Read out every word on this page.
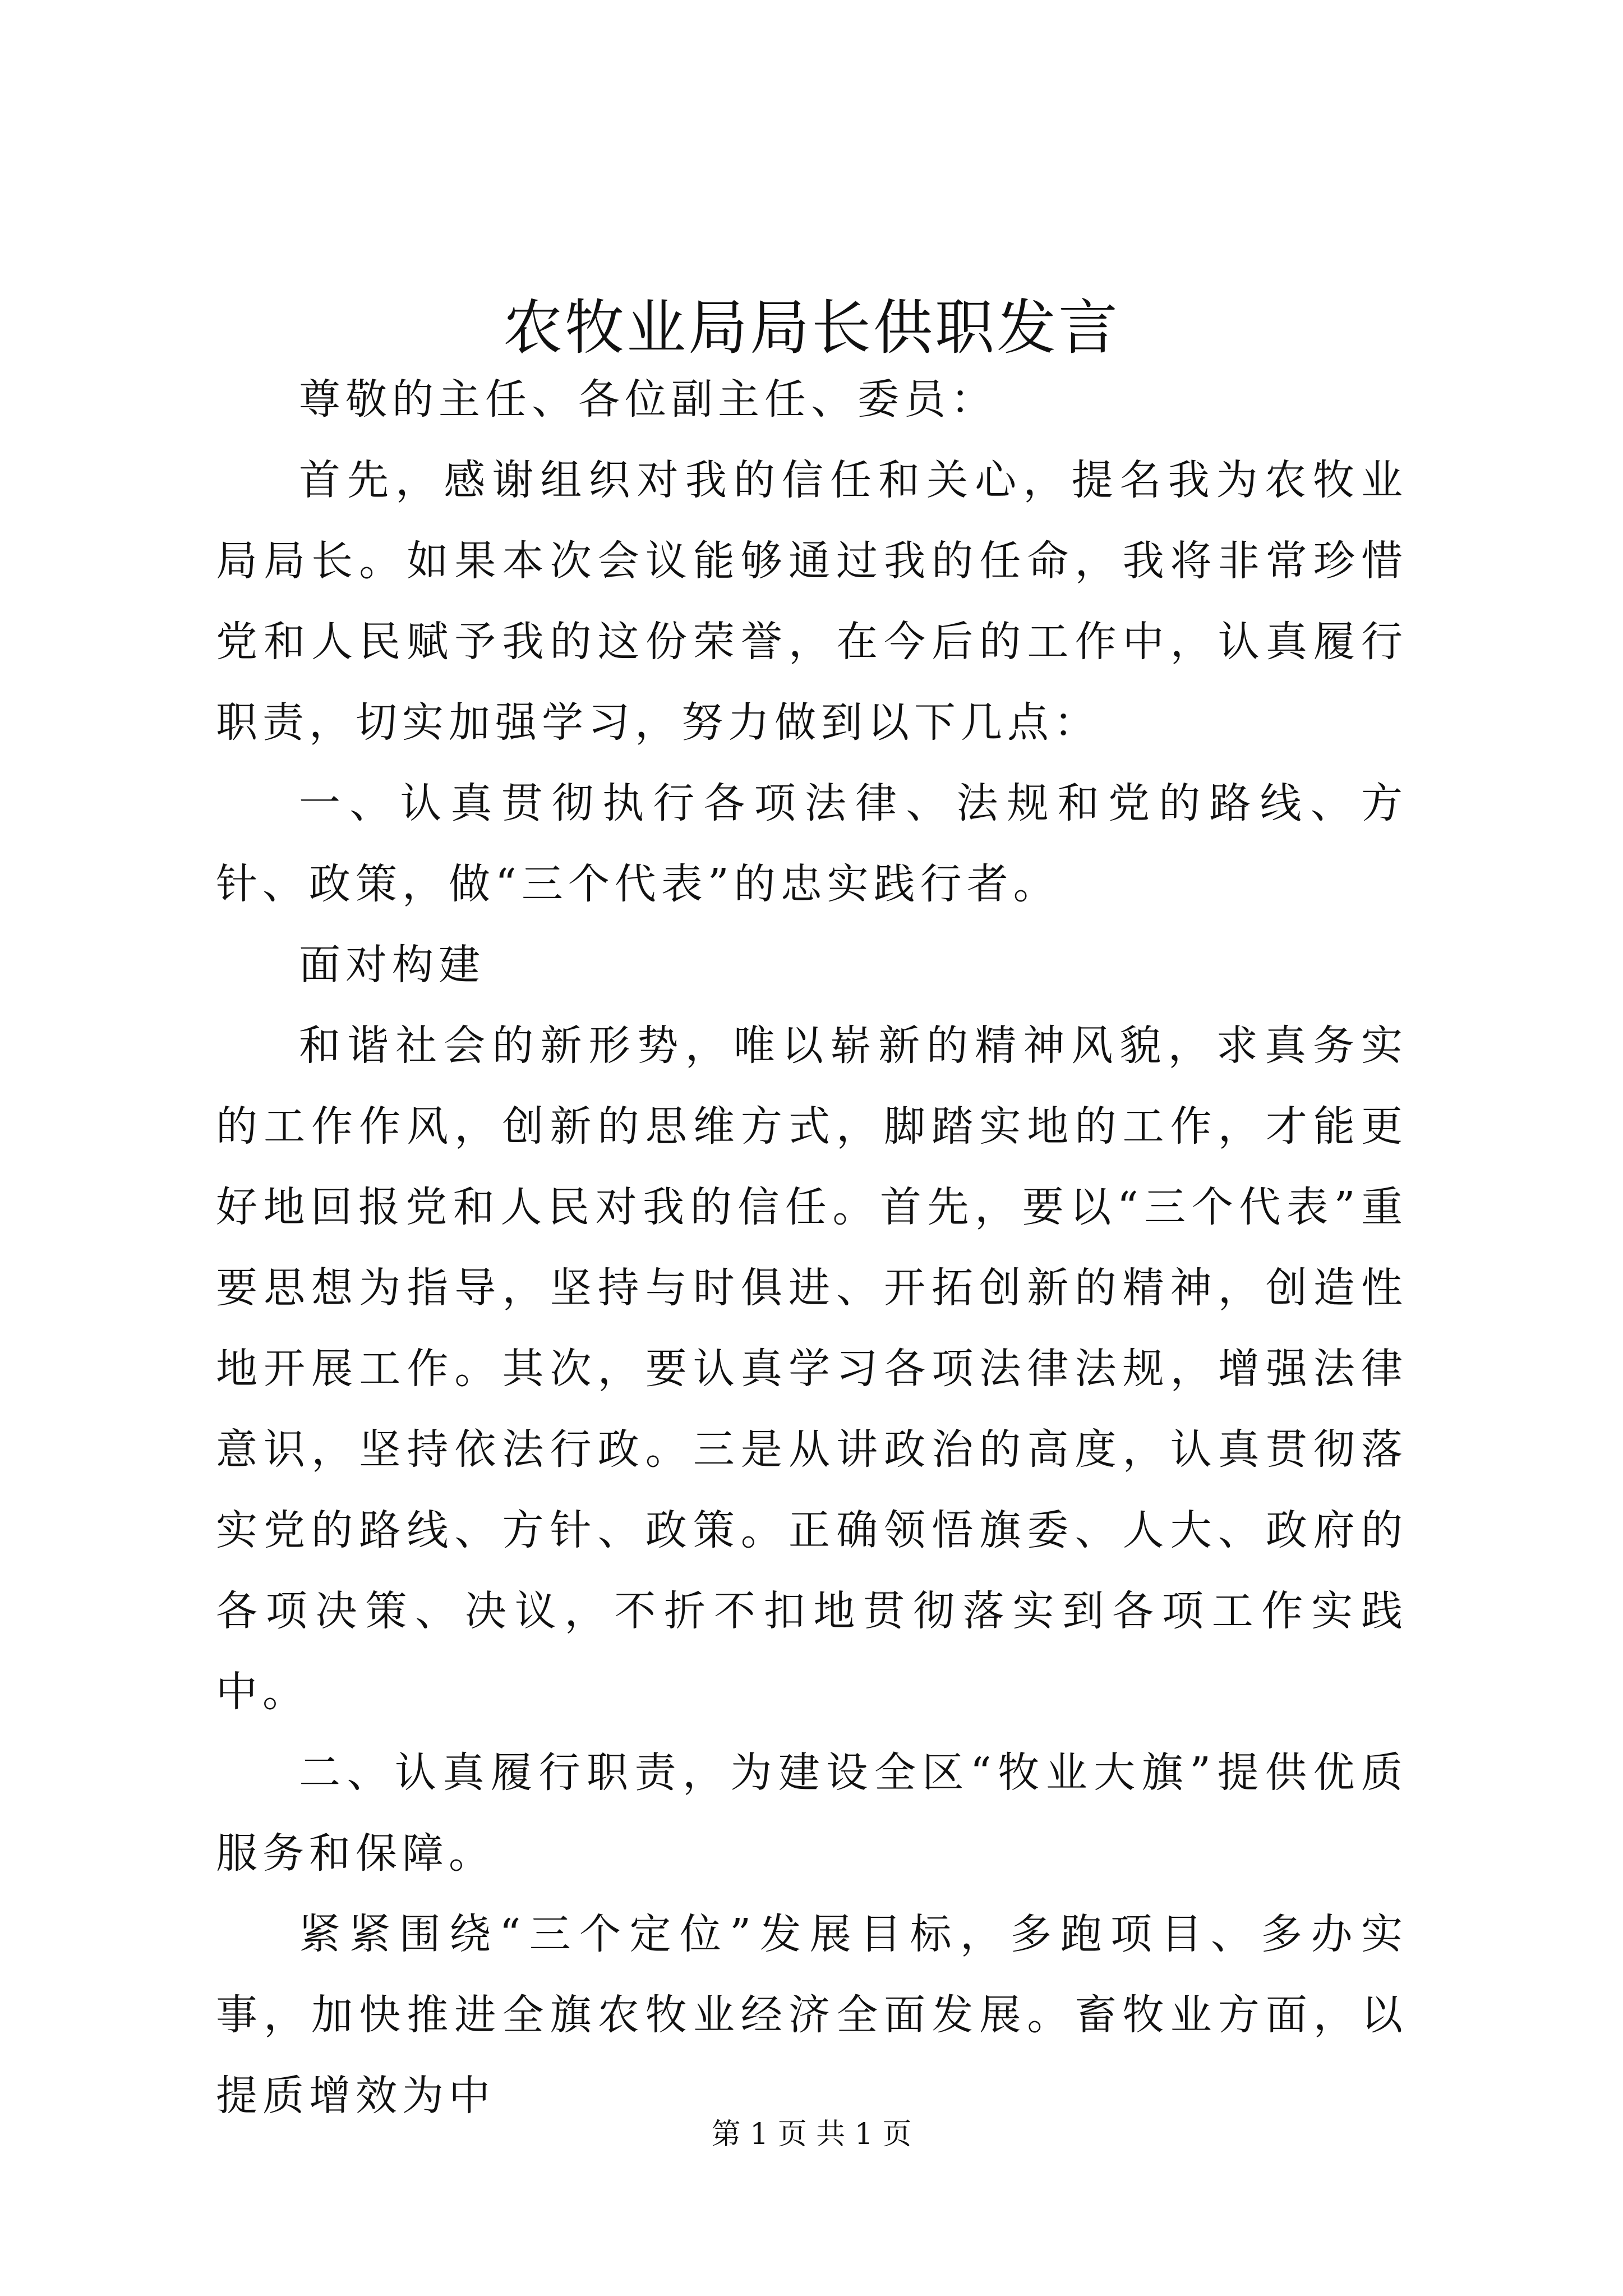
农牧业局局长供职发言

尊敬的主任、各位副主任、委员：

首先，感谢组织对我的信任和关心，提名我为农牧业局局长。如果本次会议能够通过我的任命，我将非常珍惜党和人民赋予我的这份荣誉，在今后的工作中，认真履行职责，切实加强学习，努力做到以下几点：

一、认真贯彻执行各项法律、法规和党的路线、方针、政策，做“三个代表”的忠实践行者。

面对构建

和谐社会的新形势，唯以崭新的精神风貌，求真务实的工作作风，创新的思维方式，脚踏实地的工作，才能更好地回报党和人民对我的信任。首先，要以“三个代表”重要思想为指导，坚持与时俱进、开拓创新的精神，创造性地开展工作。其次，要认真学习各项法律法规，增强法律意识，坚持依法行政。三是从讲政治的高度，认真贯彻落实党的路线、方针、政策。正确领悟旗委、人大、政府的各项决策、决议，不折不扣地贯彻落实到各项工作实践中。

二、认真履行职责，为建设全区“牧业大旗”提供优质服务和保障。

紧紧围绕“三个定位”发展目标，多跑项目、多办实事，加快推进全旗农牧业经济全面发展。畜牧业方面，以提质增效为中

第 1 页 共 1 页
